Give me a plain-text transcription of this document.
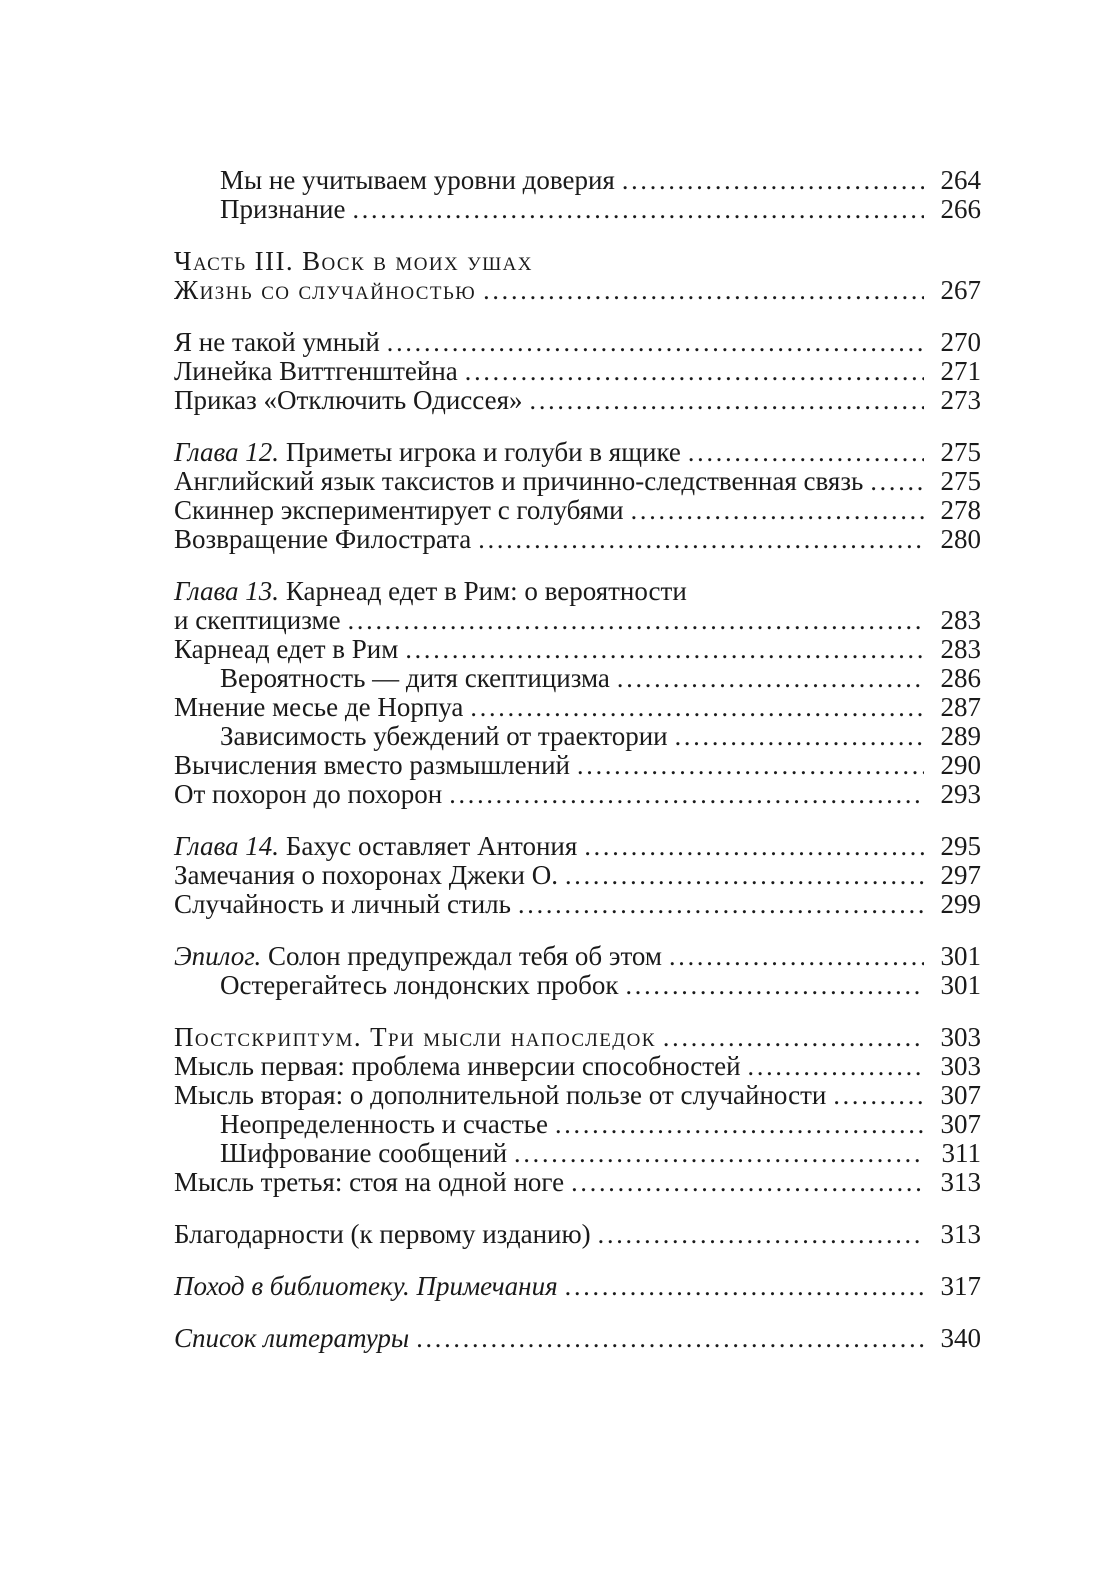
Мы не учитываем уровни доверия .....	264
Признание .....	266
Часть III. Воск в моих ушах
Жизнь со случайностью .....	267
Я не такой умный .....	270
Линейка Виттгенштейна .....	271
Приказ «Отключить Одиссея» .....	273
Глава 12. Приметы игрока и голуби в ящике .....	275
Английский язык таксистов и причинно-следственная связь .....	275
Скиннер экспериментирует с голубями .....	278
Возвращение Филострата .....	280
Глава 13. Карнеад едет в Рим: о вероятности
и скептицизме .....	283
Карнеад едет в Рим .....	283
Вероятность — дитя скептицизма .....	286
Мнение месье де Норпуа .....	287
Зависимость убеждений от траектории .....	289
Вычисления вместо размышлений .....	290
От похорон до похорон .....	293
Глава 14. Бахус оставляет Антония .....	295
Замечания о похоронах Джеки О. .....	297
Случайность и личный стиль .....	299
Эпилог. Солон предупреждал тебя об этом .....	301
Остерегайтесь лондонских пробок .....	301
Постскриптум. Три мысли напоследок .....	303
Мысль первая: проблема инверсии способностей .....	303
Мысль вторая: о дополнительной пользе от случайности .....	307
Неопределенность и счастье .....	307
Шифрование сообщений .....	311
Мысль третья: стоя на одной ноге .....	313
Благодарности (к первому изданию) .....	313
Поход в библиотеку. Примечания .....	317
Список литературы .....	340
